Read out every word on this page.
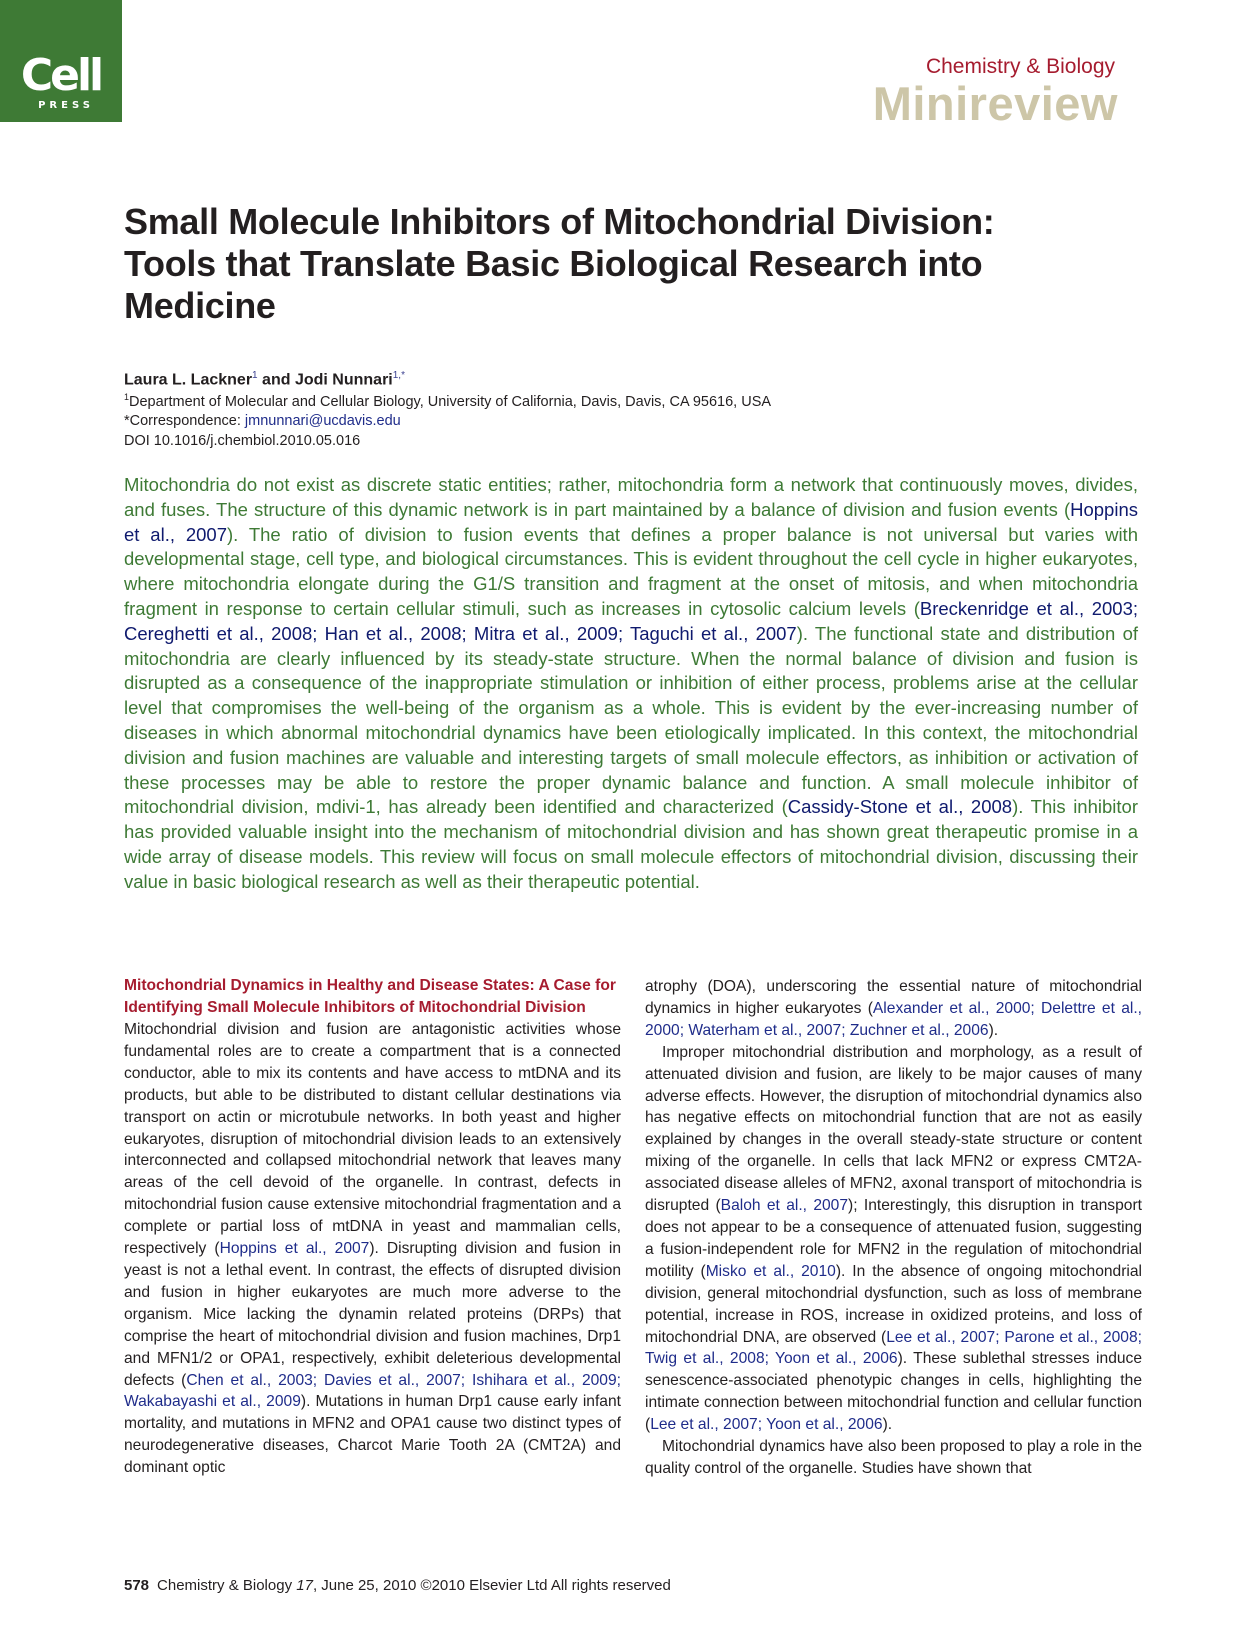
Cell
PRESS
Chemistry & Biology
Minireview
Small Molecule Inhibitors of Mitochondrial Division: Tools that Translate Basic Biological Research into Medicine
Laura L. Lackner$^1$ and Jodi Nunnari$^{1,*}$
$^1$Department of Molecular and Cellular Biology, University of California, Davis, Davis, CA 95616, USA
*Correspondence: jmnunnari@ucdavis.edu
DOI 10.1016/j.chembiol.2010.05.016

Mitochondria do not exist as discrete static entities; rather, mitochondria form a network that continuously moves, divides, and fuses. The structure of this dynamic network is in part maintained by a balance of division and fusion events (Hoppins et al., 2007). The ratio of division to fusion events that defines a proper balance is not universal but varies with developmental stage, cell type, and biological circumstances. This is evident throughout the cell cycle in higher eukaryotes, where mitochondria elongate during the G1/S transition and fragment at the onset of mitosis, and when mitochondria fragment in response to certain cellular stimuli, such as increases in cytosolic calcium levels (Breckenridge et al., 2003; Cereghetti et al., 2008; Han et al., 2008; Mitra et al., 2009; Taguchi et al., 2007). The functional state and distribution of mitochondria are clearly influenced by its steady-state structure. When the normal balance of division and fusion is disrupted as a consequence of the inappropriate stimulation or inhibition of either process, problems arise at the cellular level that compromises the well-being of the organism as a whole. This is evident by the ever-increasing number of diseases in which abnormal mitochondrial dynamics have been etiologically implicated. In this context, the mitochondrial division and fusion machines are valuable and interesting targets of small molecule effectors, as inhibition or activation of these processes may be able to restore the proper dynamic balance and function. A small molecule inhibitor of mitochondrial division, mdivi-1, has already been identified and characterized (Cassidy-Stone et al., 2008). This inhibitor has provided valuable insight into the mechanism of mitochondrial division and has shown great therapeutic promise in a wide array of disease models. This review will focus on small molecule effectors of mitochondrial division, discussing their value in basic biological research as well as their therapeutic potential.

Mitochondrial Dynamics in Healthy and Disease States: A Case for Identifying Small Molecule Inhibitors of Mitochondrial Division

Mitochondrial division and fusion are antagonistic activities whose fundamental roles are to create a compartment that is a connected conductor, able to mix its contents and have access to mtDNA and its products, but able to be distributed to distant cellular destinations via transport on actin or microtubule networks. In both yeast and higher eukaryotes, disruption of mitochondrial division leads to an extensively interconnected and collapsed mitochondrial network that leaves many areas of the cell devoid of the organelle. In contrast, defects in mitochondrial fusion cause extensive mitochondrial fragmentation and a complete or partial loss of mtDNA in yeast and mammalian cells, respectively (Hoppins et al., 2007). Disrupting division and fusion in yeast is not a lethal event. In contrast, the effects of disrupted division and fusion in higher eukaryotes are much more adverse to the organism. Mice lacking the dynamin related proteins (DRPs) that comprise the heart of mitochondrial division and fusion machines, Drp1 and MFN1/2 or OPA1, respectively, exhibit deleterious developmental defects (Chen et al., 2003; Davies et al., 2007; Ishihara et al., 2009; Wakabayashi et al., 2009). Mutations in human Drp1 cause early infant mortality, and mutations in MFN2 and OPA1 cause two distinct types of neurodegenerative diseases, Charcot Marie Tooth 2A (CMT2A) and dominant optic

atrophy (DOA), underscoring the essential nature of mitochondrial dynamics in higher eukaryotes (Alexander et al., 2000; Delettre et al., 2000; Waterham et al., 2007; Zuchner et al., 2006).

Improper mitochondrial distribution and morphology, as a result of attenuated division and fusion, are likely to be major causes of many adverse effects. However, the disruption of mitochondrial dynamics also has negative effects on mitochondrial function that are not as easily explained by changes in the overall steady-state structure or content mixing of the organelle. In cells that lack MFN2 or express CMT2A-associated disease alleles of MFN2, axonal transport of mitochondria is disrupted (Baloh et al., 2007); Interestingly, this disruption in transport does not appear to be a consequence of attenuated fusion, suggesting a fusion-independent role for MFN2 in the regulation of mitochondrial motility (Misko et al., 2010). In the absence of ongoing mitochondrial division, general mitochondrial dysfunction, such as loss of membrane potential, increase in ROS, increase in oxidized proteins, and loss of mitochondrial DNA, are observed (Lee et al., 2007; Parone et al., 2008; Twig et al., 2008; Yoon et al., 2006). These sublethal stresses induce senescence-associated phenotypic changes in cells, highlighting the intimate connection between mitochondrial function and cellular function (Lee et al., 2007; Yoon et al., 2006).

Mitochondrial dynamics have also been proposed to play a role in the quality control of the organelle. Studies have shown that

578 Chemistry & Biology 17, June 25, 2010 ©2010 Elsevier Ltd All rights reserved
